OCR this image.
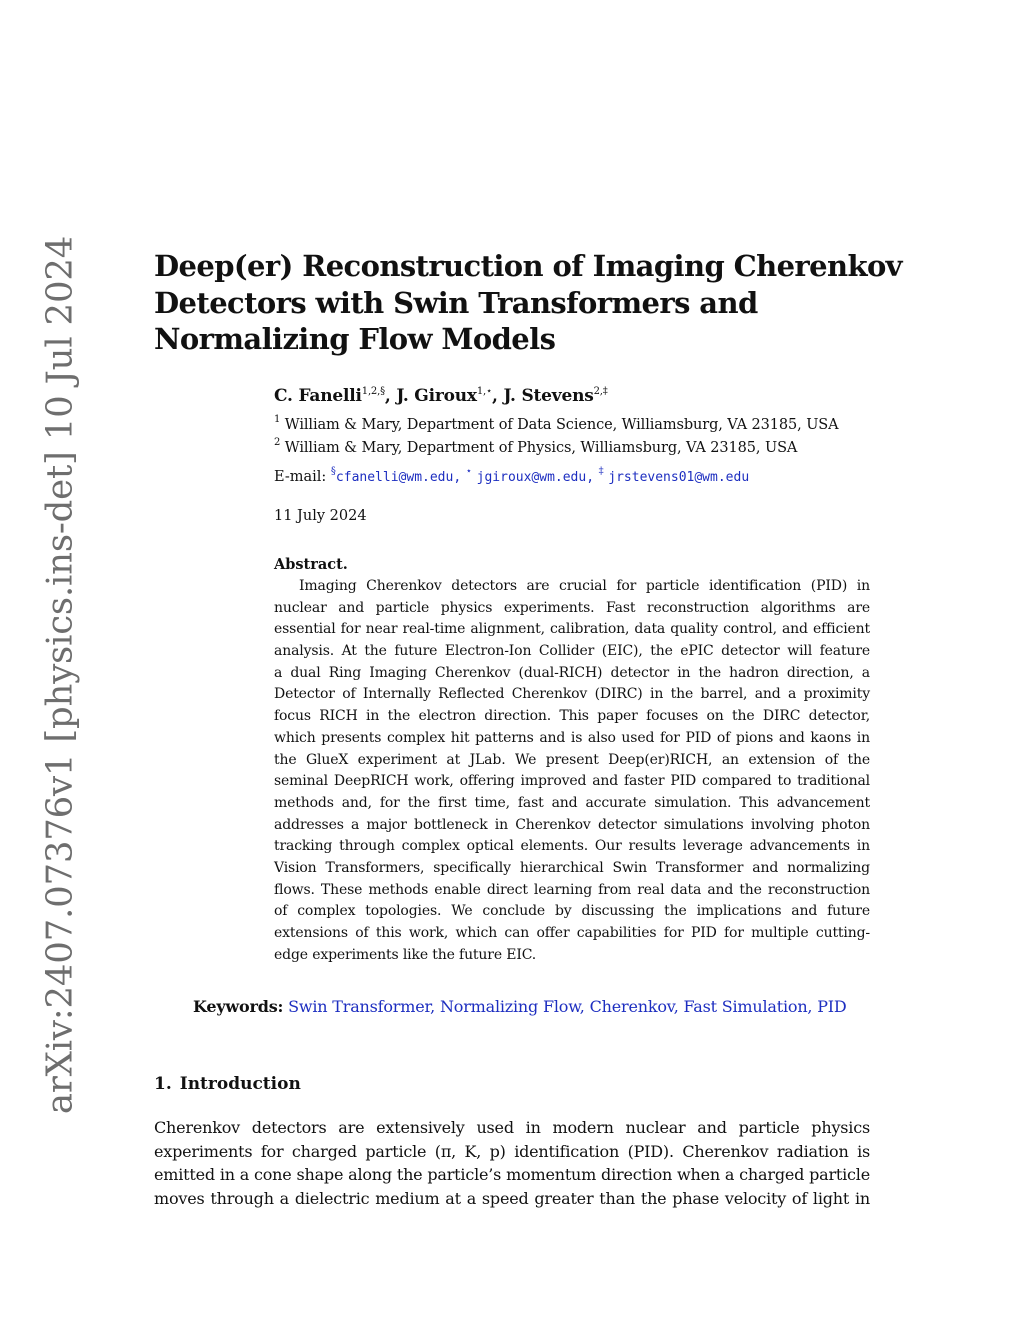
arXiv:2407.07376v1 [physics.ins-det] 10 Jul 2024	Deep(er) Reconstruction of Imaging Cherenkov
Detectors with Swin Transformers and
Normalizing Flow Models
C. Fanelli$^{1,2,\S}$, J. Giroux$^{1,⋆}$, J. Stevens$^{2,\ddagger}$
$^1$ William & Mary, Department of Data Science, Williamsburg, VA 23185, USA
$^2$ William & Mary, Department of Physics, Williamsburg, VA 23185, USA
E-mail: §cfanelli@wm.edu, ⋆ jgiroux@wm.edu, ‡ jrstevens01@wm.edu
11 July 2024
Abstract.
Imaging Cherenkov detectors are crucial for particle identification (PID) in
nuclear and particle physics experiments. Fast reconstruction algorithms are
essential for near real-time alignment, calibration, data quality control, and efficient
analysis. At the future Electron-Ion Collider (EIC), the ePIC detector will feature
a dual Ring Imaging Cherenkov (dual-RICH) detector in the hadron direction, a
Detector of Internally Reflected Cherenkov (DIRC) in the barrel, and a proximity
focus RICH in the electron direction. This paper focuses on the DIRC detector,
which presents complex hit patterns and is also used for PID of pions and kaons in
the GlueX experiment at JLab. We present Deep(er)RICH, an extension of the
seminal DeepRICH work, offering improved and faster PID compared to traditional
methods and, for the first time, fast and accurate simulation. This advancement
addresses a major bottleneck in Cherenkov detector simulations involving photon
tracking through complex optical elements. Our results leverage advancements in
Vision Transformers, specifically hierarchical Swin Transformer and normalizing
flows. These methods enable direct learning from real data and the reconstruction
of complex topologies. We conclude by discussing the implications and future
extensions of this work, which can offer capabilities for PID for multiple cutting-
edge experiments like the future EIC.
Keywords: Swin Transformer, Normalizing Flow, Cherenkov, Fast Simulation, PID
1. Introduction
Cherenkov detectors are extensively used in modern nuclear and particle physics
experiments for charged particle (π, K, p) identification (PID). Cherenkov radiation is
emitted in a cone shape along the particle’s momentum direction when a charged particle
moves through a dielectric medium at a speed greater than the phase velocity of light in
